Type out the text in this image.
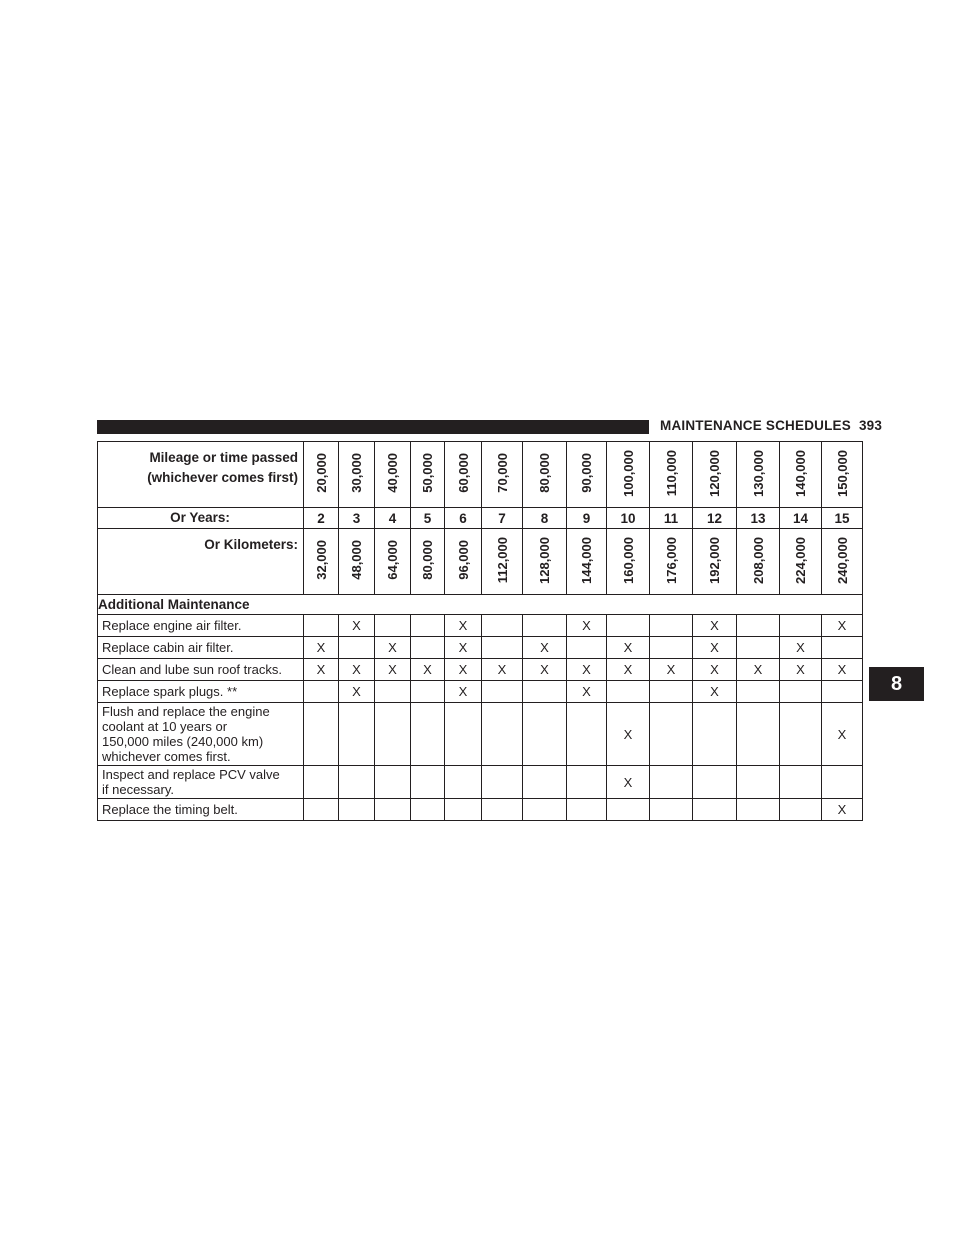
MAINTENANCE SCHEDULES 393
8
Mileage or time passed
(whichever comes first)	20,000	30,000	40,000	50,000	60,000	70,000	80,000	90,000	100,000	110,000	120,000	130,000	140,000	150,000
Or Years:	2	3	4	5	6	7	8	9	10	11	12	13	14	15
Or Kilometers:	32,000	48,000	64,000	80,000	96,000	112,000	128,000	144,000	160,000	176,000	192,000	208,000	224,000	240,000
Additional Maintenance														

Replace engine air filter.		X			X			X			X			X

Replace cabin air filter.	X		X		X		X		X		X		X	

Clean and lube sun roof tracks.	X	X	X	X	X	X	X	X	X	X	X	X	X	X

Replace spark plugs. **		X			X			X			X			

Flush and replace the engine
coolant at 10 years or
150,000 miles (240,000 km)
whichever comes first.									X					X

Inspect and replace PCV valve
if necessary.									X					

Replace the timing belt.														X
